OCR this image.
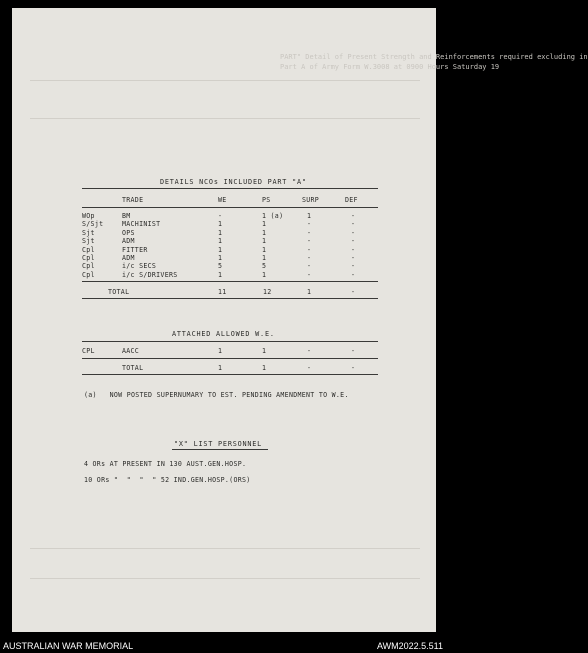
PART" Detail of Present Strength and Reinforcements required excluding in
Part A of Army Form W.3008 at 0900 Hours Saturday 19
DETAILS NCOs INCLUDED PART "A"
TRADE	WE	PS	SURP	DEF
WOp	BM	-	1 (a)	1	-
S/Sjt	MACHINIST	1	1	-	-
Sjt	OPS	1	1	-	-
Sjt	ADM	1	1	-	-
Cpl	FITTER	1	1	-	-
Cpl	ADM	1	1	-	-
Cpl	i/c SECS	5	5	-	-
Cpl	i/c S/DRIVERS	1	1	-	-
TOTAL	11	12	1	-
ATTACHED ALLOWED W.E.
CPL	AACC	1	1	-	-
TOTAL	1	1	-	-
(a)   NOW POSTED SUPERNUMARY TO EST. PENDING AMENDMENT TO W.E.
"X" LIST PERSONNEL
4 ORs AT PRESENT IN 130 AUST.GEN.HOSP.
10 ORs "  "  "  " 52 IND.GEN.HOSP.(ORS)
AUSTRALIAN WAR MEMORIAL	AWM2022.5.511
